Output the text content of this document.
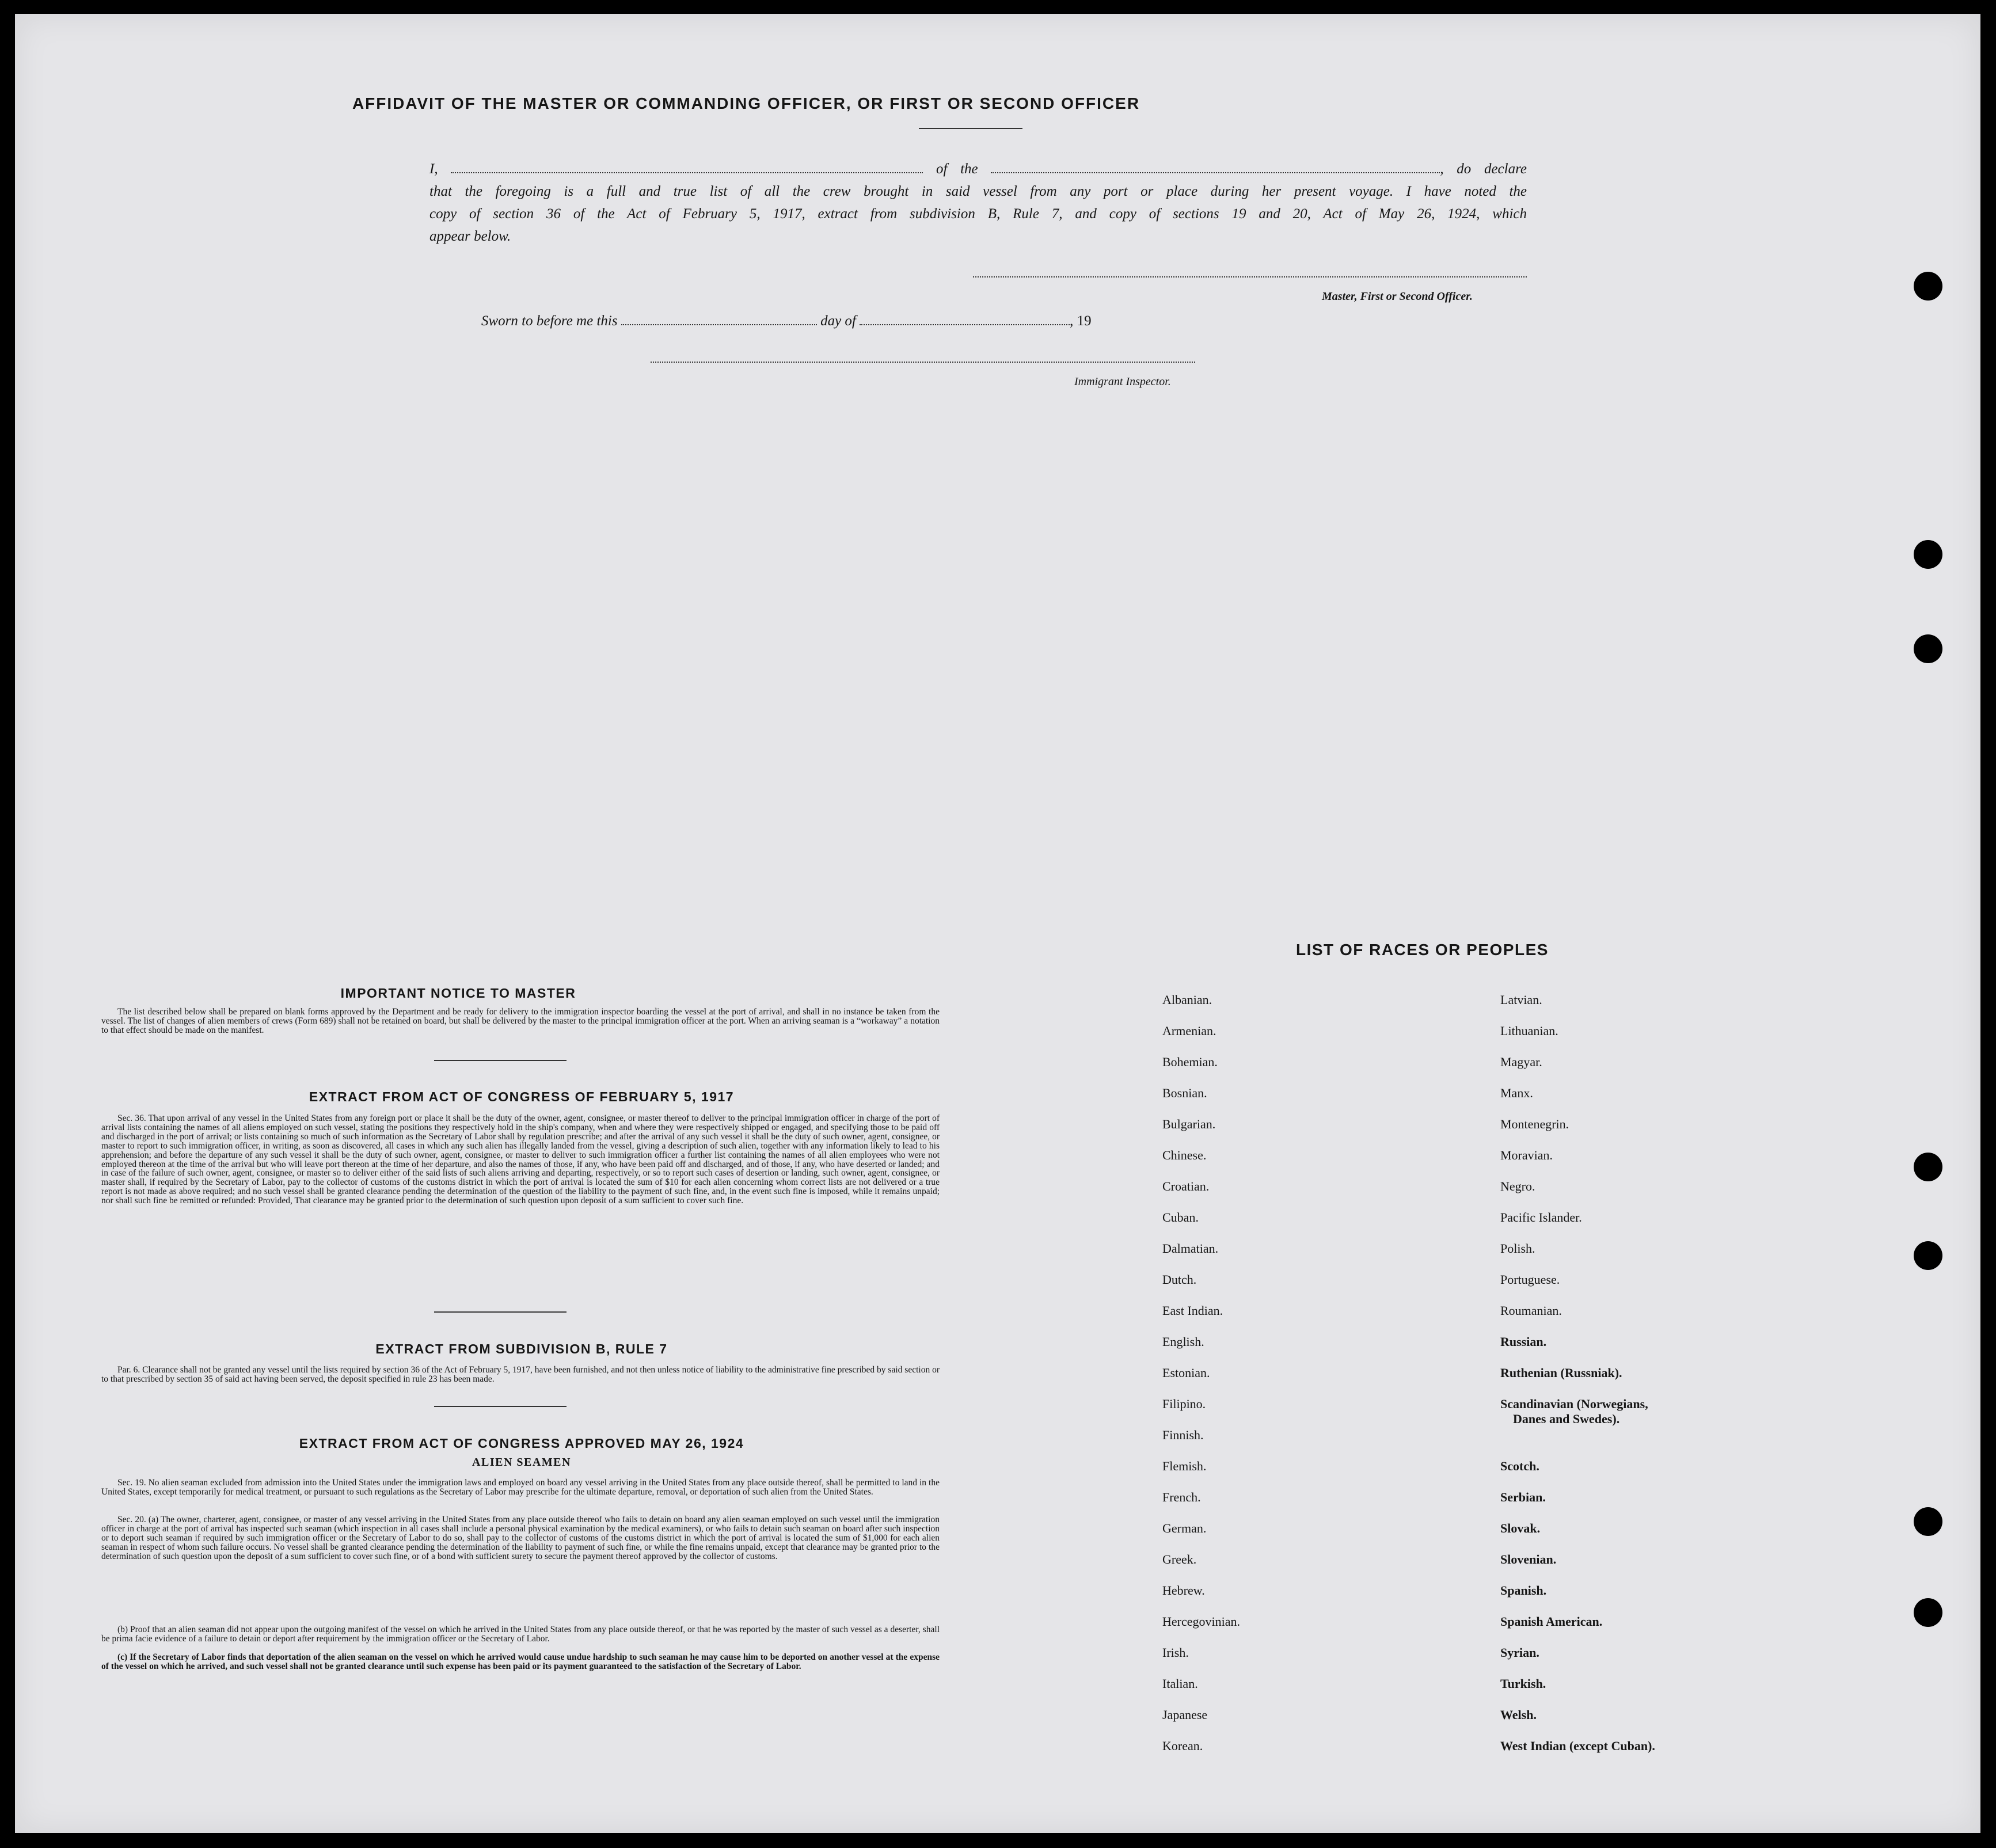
AFFIDAVIT OF THE MASTER OR COMMANDING OFFICER, OR FIRST OR SECOND OFFICER
I,	of the	, do declare
that the foregoing is a full and true list of all the crew brought in said vessel from any port or place during her present voyage. I have noted the
copy of section 36 of the Act of February 5, 1917, extract from subdivision B, Rule 7, and copy of sections 19 and 20, Act of May 26, 1924, which
appear below.
Master, First or Second Officer.
Sworn to before me this	day of	, 19
Immigrant Inspector.
IMPORTANT NOTICE TO MASTER

The list described below shall be prepared on blank forms approved by the Department and be ready for delivery to the immigration inspector boarding the vessel at the port of arrival, and shall in no instance be taken from the vessel. The list of changes of alien members of crews (Form 689) shall not be retained on board, but shall be delivered by the master to the principal immigration officer at the port. When an arriving seaman is a “workaway” a notation to that effect should be made on the manifest.

EXTRACT FROM ACT OF CONGRESS OF FEBRUARY 5, 1917

Sec. 36. That upon arrival of any vessel in the United States from any foreign port or place it shall be the duty of the owner, agent, consignee, or master thereof to deliver to the principal immigration officer in charge of the port of arrival lists containing the names of all aliens employed on such vessel, stating the positions they respectively hold in the ship's company, when and where they were respectively shipped or engaged, and specifying those to be paid off and discharged in the port of arrival; or lists containing so much of such information as the Secretary of Labor shall by regulation prescribe; and after the arrival of any such vessel it shall be the duty of such owner, agent, consignee, or master to report to such immigration officer, in writing, as soon as discovered, all cases in which any such alien has illegally landed from the vessel, giving a description of such alien, together with any information likely to lead to his apprehension; and before the departure of any such vessel it shall be the duty of such owner, agent, consignee, or master to deliver to such immigration officer a further list containing the names of all alien employees who were not employed thereon at the time of the arrival but who will leave port thereon at the time of her departure, and also the names of those, if any, who have been paid off and discharged, and of those, if any, who have deserted or landed; and in case of the failure of such owner, agent, consignee, or master so to deliver either of the said lists of such aliens arriving and departing, respectively, or so to report such cases of desertion or landing, such owner, agent, consignee, or master shall, if required by the Secretary of Labor, pay to the collector of customs of the customs district in which the port of arrival is located the sum of $10 for each alien concerning whom correct lists are not delivered or a true report is not made as above required; and no such vessel shall be granted clearance pending the determination of the question of the liability to the payment of such fine, and, in the event such fine is imposed, while it remains unpaid; nor shall such fine be remitted or refunded: Provided, That clearance may be granted prior to the determination of such question upon deposit of a sum sufficient to cover such fine.

EXTRACT FROM SUBDIVISION B, RULE 7

Par. 6. Clearance shall not be granted any vessel until the lists required by section 36 of the Act of February 5, 1917, have been furnished, and not then unless notice of liability to the administrative fine prescribed by said section or to that prescribed by section 35 of said act having been served, the deposit specified in rule 23 has been made.

EXTRACT FROM ACT OF CONGRESS APPROVED MAY 26, 1924
ALIEN SEAMEN

Sec. 19. No alien seaman excluded from admission into the United States under the immigration laws and employed on board any vessel arriving in the United States from any place outside thereof, shall be permitted to land in the United States, except temporarily for medical treatment, or pursuant to such regulations as the Secretary of Labor may prescribe for the ultimate departure, removal, or deportation of such alien from the United States.

Sec. 20. (a) The owner, charterer, agent, consignee, or master of any vessel arriving in the United States from any place outside thereof who fails to detain on board any alien seaman employed on such vessel until the immigration officer in charge at the port of arrival has inspected such seaman (which inspection in all cases shall include a personal physical examination by the medical examiners), or who fails to detain such seaman on board after such inspection or to deport such seaman if required by such immigration officer or the Secretary of Labor to do so, shall pay to the collector of customs of the customs district in which the port of arrival is located the sum of $1,000 for each alien seaman in respect of whom such failure occurs. No vessel shall be granted clearance pending the determination of the liability to payment of such fine, or while the fine remains unpaid, except that clearance may be granted prior to the determination of such question upon the deposit of a sum sufficient to cover such fine, or of a bond with sufficient surety to secure the payment thereof approved by the collector of customs.

(b) Proof that an alien seaman did not appear upon the outgoing manifest of the vessel on which he arrived in the United States from any place outside thereof, or that he was reported by the master of such vessel as a deserter, shall be prima facie evidence of a failure to detain or deport after requirement by the immigration officer or the Secretary of Labor.

(c) If the Secretary of Labor finds that deportation of the alien seaman on the vessel on which he arrived would cause undue hardship to such seaman he may cause him to be deported on another vessel at the expense of the vessel on which he arrived, and such vessel shall not be granted clearance until such expense has been paid or its payment guaranteed to the satisfaction of the Secretary of Labor.

LIST OF RACES OR PEOPLES
Albanian.
Armenian.
Bohemian.
Bosnian.
Bulgarian.
Chinese.
Croatian.
Cuban.
Dalmatian.
Dutch.
East Indian.
English.
Estonian.
Filipino.
Finnish.
Flemish.
French.
German.
Greek.
Hebrew.
Hercegovinian.
Irish.
Italian.
Japanese
Korean.
Latvian.
Lithuanian.
Magyar.
Manx.
Montenegrin.
Moravian.
Negro.
Pacific Islander.
Polish.
Portuguese.
Roumanian.
Russian.
Ruthenian (Russniak).
Scandinavian (Norwegians,
Danes and Swedes).
Scotch.
Serbian.
Slovak.
Slovenian.
Spanish.
Spanish American.
Syrian.
Turkish.
Welsh.
West Indian (except Cuban).
